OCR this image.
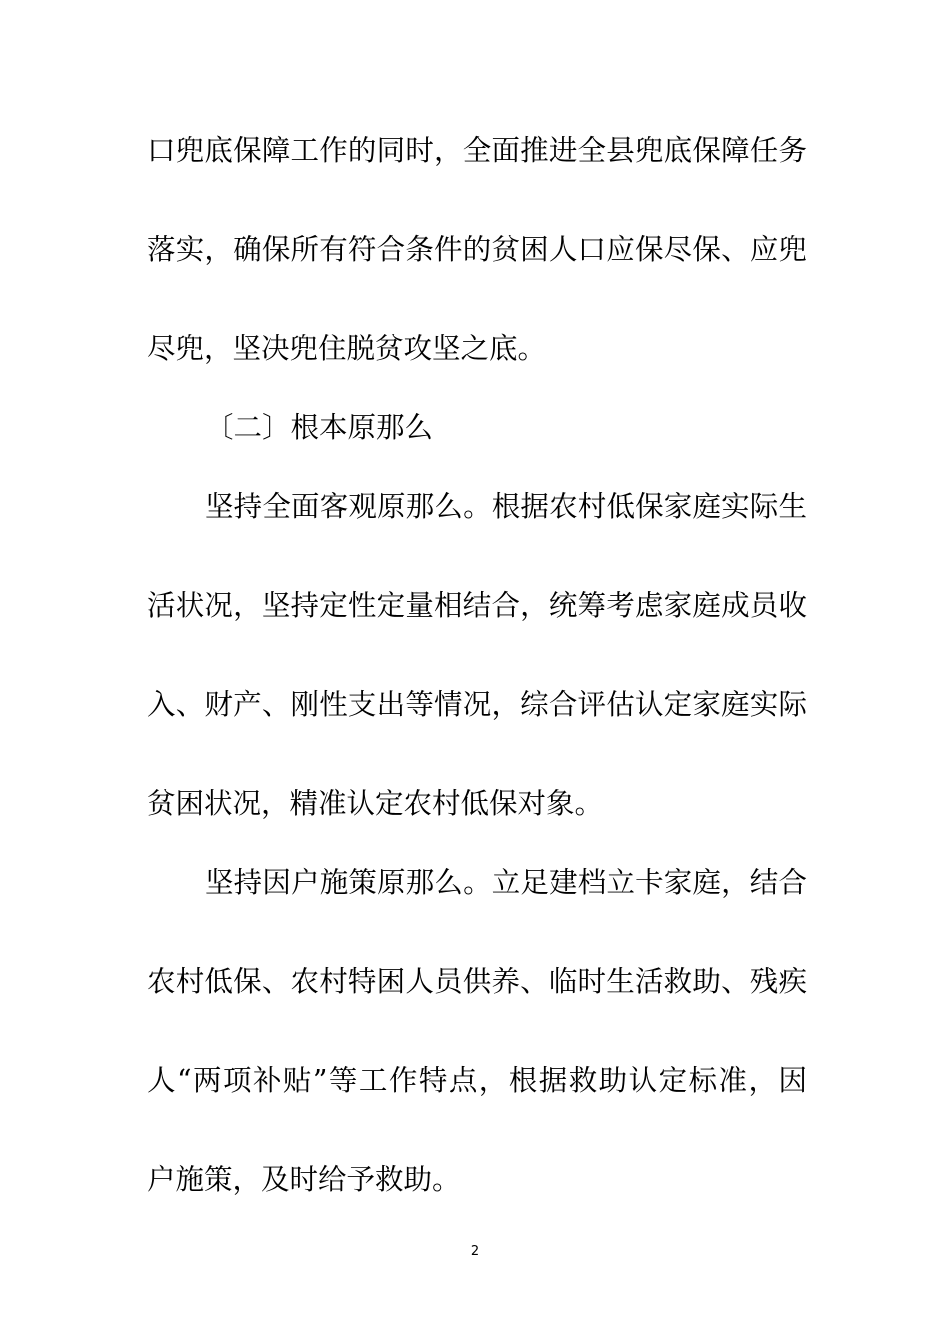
口兜底保障工作的同时，全面推进全县兜底保障任务
落实，确保所有符合条件的贫困人口应保尽保、应兜
尽兜，坚决兜住脱贫攻坚之底。
〔二〕根本原那么
坚持全面客观原那么。根据农村低保家庭实际生
活状况，坚持定性定量相结合，统筹考虑家庭成员收
入、财产、刚性支出等情况，综合评估认定家庭实际
贫困状况，精准认定农村低保对象。
坚持因户施策原那么。立足建档立卡家庭，结合
农村低保、农村特困人员供养、临时生活救助、残疾
人“两项补贴”等工作特点，根据救助认定标准，因
户施策，及时给予救助。
2
